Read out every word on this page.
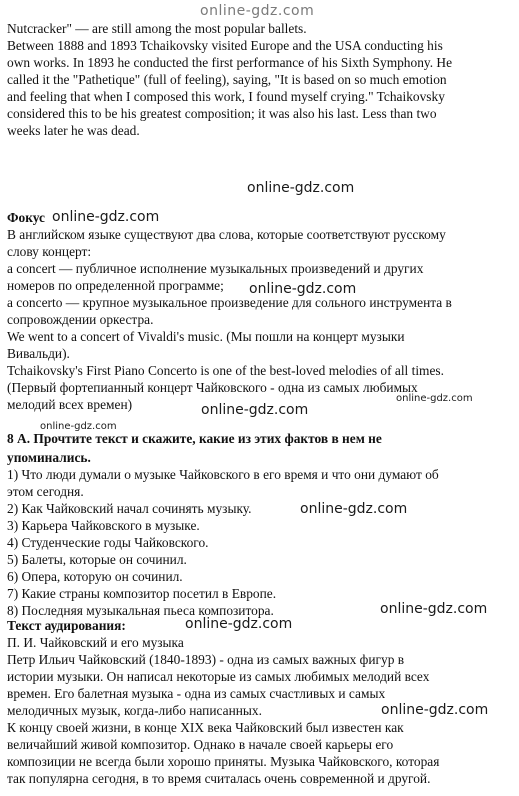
Nutcracker" — are still among the most popular ballets.
Between 1888 and 1893 Tchaikovsky visited Europe and the USA conducting his
own works. In 1893 he conducted the first performance of his Sixth Symphony. He
called it the "Pathetique" (full of feeling), saying, "It is based on so much emotion
and feeling that when I composed this work, I found myself crying." Tchaikovsky
considered this to be his greatest composition; it was also his last. Less than two
weeks later he was dead.
Фокус
В английском языке существуют два слова, которые соответствуют русскому
слову концерт:
a concert — публичное исполнение музыкальных произведений и других
номеров по определенной программе;
a concerto — крупное музыкальное произведение для сольного инструмента в
сопровождении оркестра.
We went to a concert of Vivaldi's music. (Мы пошли на концерт музыки
Вивальди).
Tchaikovsky's First Piano Concerto is one of the best-loved melodies of all times.
(Первый фортепианный концерт Чайковского - одна из самых любимых
мелодий всех времен)
8 А. Прочтите текст и скажите, какие из этих фактов в нем не
упоминались.
1) Что люди думали о музыке Чайковского в его время и что они думают об
этом сегодня.
2) Как Чайковский начал сочинять музыку.
3) Карьера Чайковского в музыке.
4) Студенческие годы Чайковского.
5) Балеты, которые он сочинил.
6) Опера, которую он сочинил.
7) Какие страны композитор посетил в Европе.
8) Последняя музыкальная пьеса композитора.
Текст аудирования:
П. И. Чайковский и его музыка
Петр Ильич Чайковский (1840-1893) - одна из самых важных фигур в
истории музыки. Он написал некоторые из самых любимых мелодий всех
времен. Его балетная музыка - одна из самых счастливых и самых
мелодичных музык, когда-либо написанных.
К концу своей жизни, в конце XIX века Чайковский был известен как
величайший живой композитор. Однако в начале своей карьеры его
композиции не всегда были хорошо приняты. Музыка Чайковского, которая
так популярна сегодня, в то время считалась очень современной и другой.
online-gdz.com
online-gdz.com
online-gdz.com
online-gdz.com
online-gdz.com
online-gdz.com
online-gdz.com
online-gdz.com
online-gdz.com
online-gdz.com
online-gdz.com
